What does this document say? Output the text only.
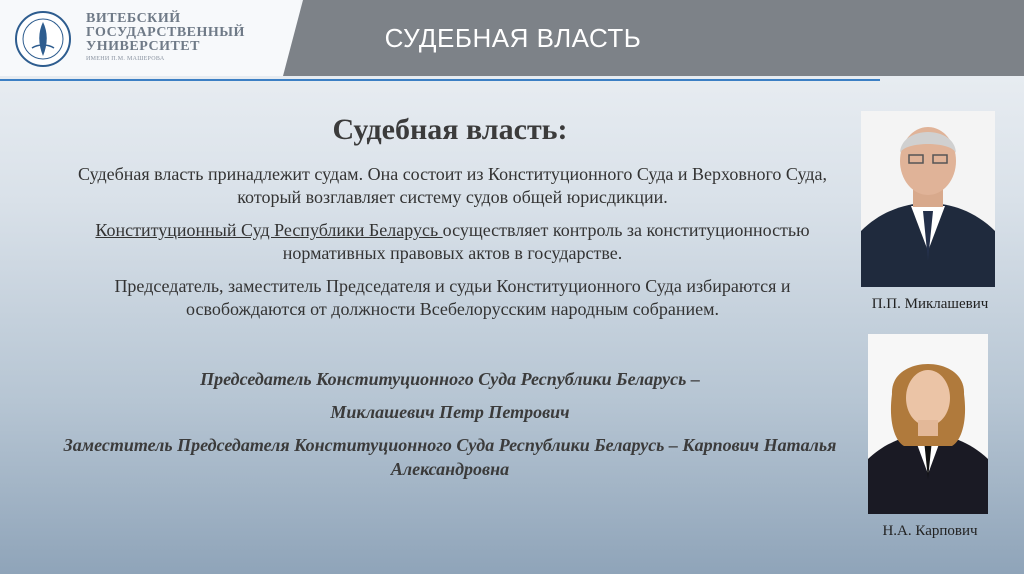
ВИТЕБСКИЙ
ГОСУДАРСТВЕННЫЙ
УНИВЕРСИТЕТ
ИМЕНИ П.М. МАШЕРОВА
СУДЕБНАЯ ВЛАСТЬ
Судебная власть:
Судебная власть принадлежит судам. Она состоит из Конституционного Суда и Верховного Суда, который возглавляет систему судов общей юрисдикции.
Конституционный Суд Республики Беларусь осуществляет контроль за конституционностью нормативных правовых актов в государстве.
Председатель, заместитель Председателя и судьи Конституционного Суда избираются и освобождаются от должности Всебелорусским народным собранием.
Председатель Конституционного Суда Республики Беларусь –
Миклашевич Петр Петрович
Заместитель Председателя Конституционного Суда Республики Беларусь – Карпович Наталья Александровна
П.П. Миклашевич
Н.А. Карпович
